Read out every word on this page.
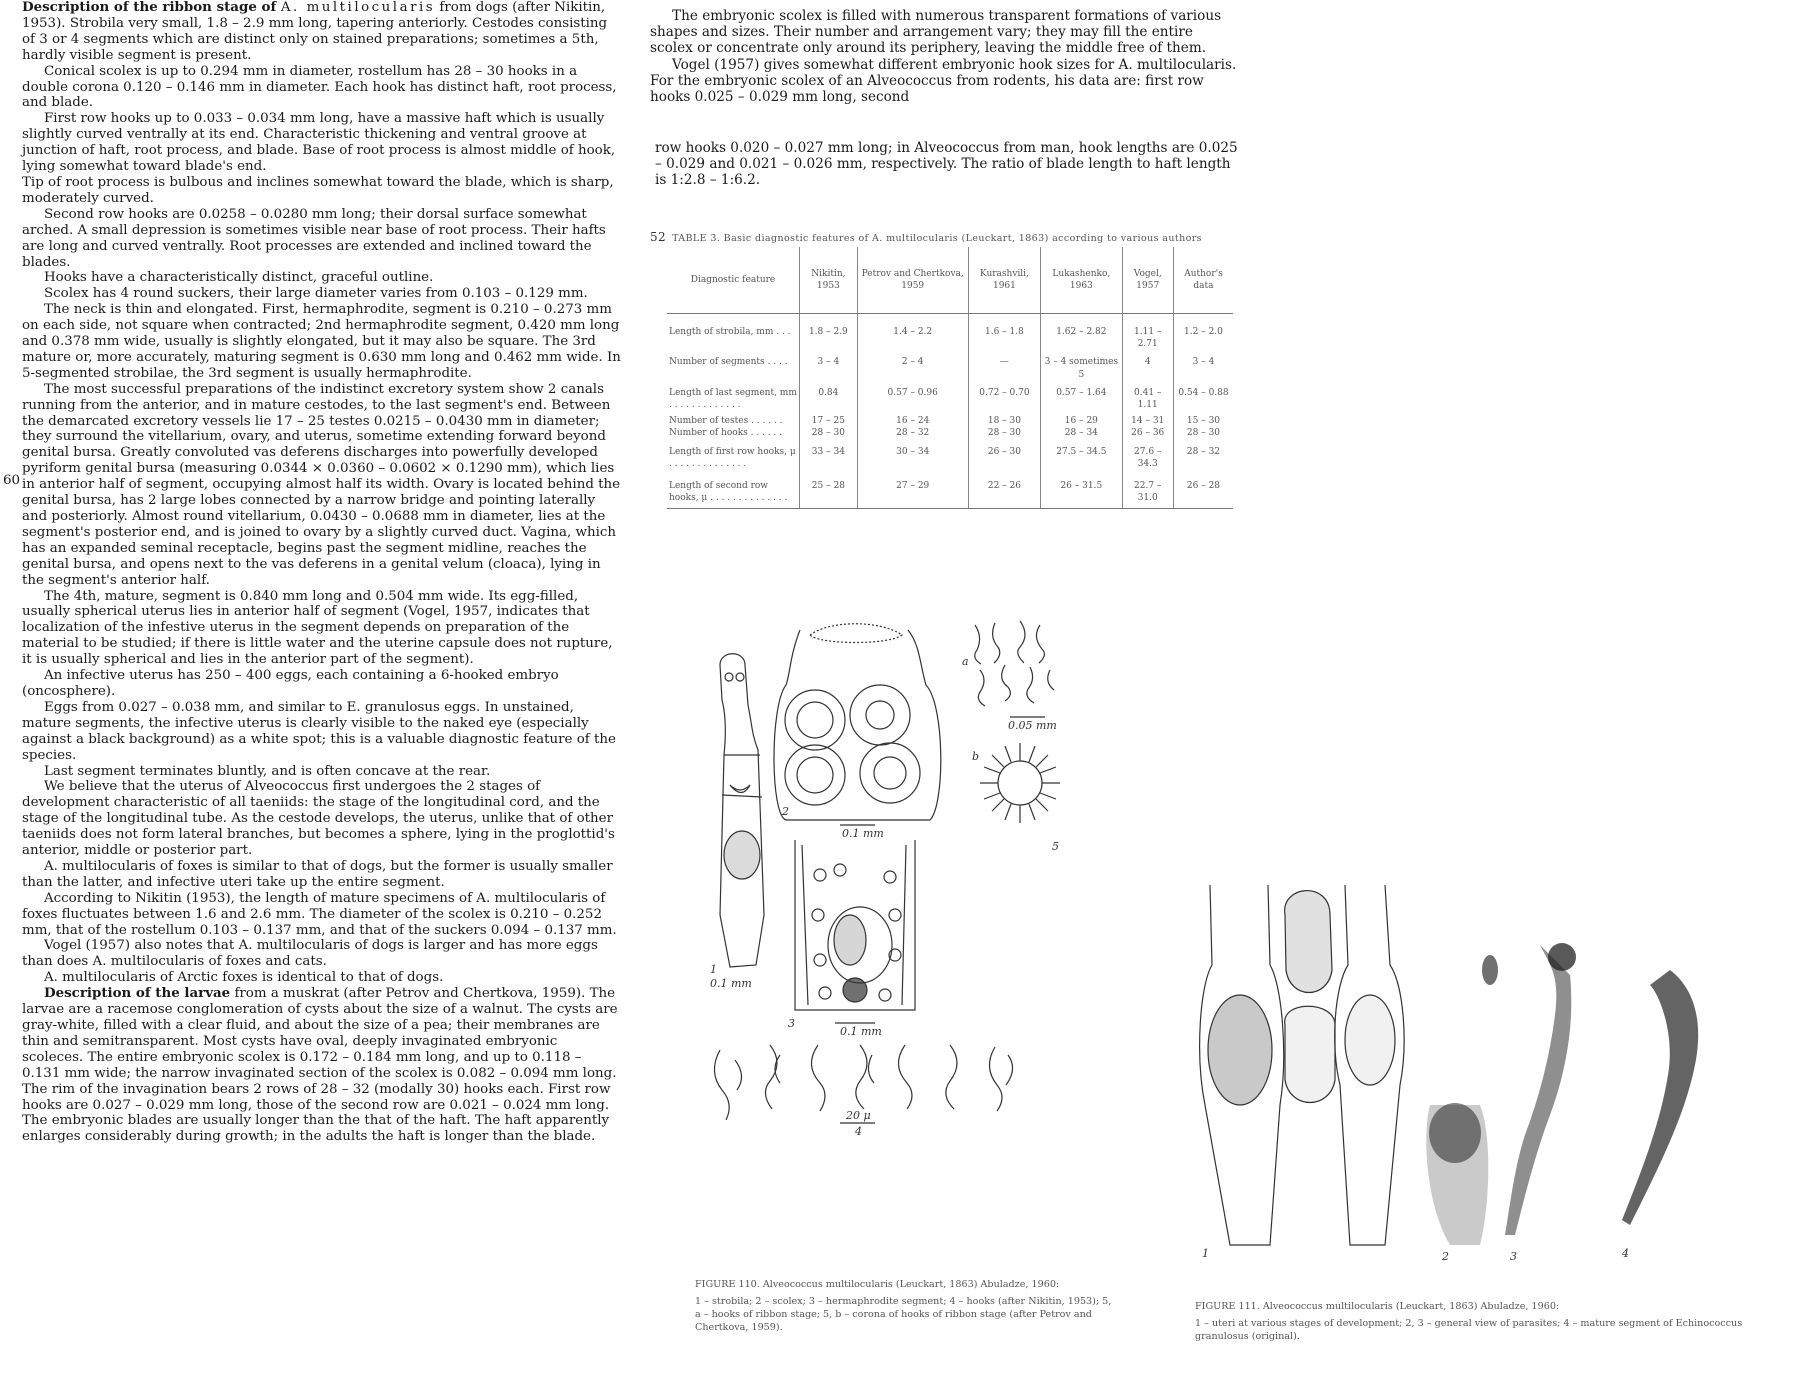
Description of the ribbon stage of A. multilocularis from dogs (after Nikitin, 1953). Strobila very small, 1.8 – 2.9 mm long, tapering anteriorly. Cestodes consisting of 3 or 4 segments which are distinct only on stained preparations; sometimes a 5th, hardly visible segment is present.

Conical scolex is up to 0.294 mm in diameter, rostellum has 28 – 30 hooks in a double corona 0.120 – 0.146 mm in diameter. Each hook has distinct haft, root process, and blade.

First row hooks up to 0.033 – 0.034 mm long, have a massive haft which is usually slightly curved ventrally at its end. Characteristic thickening and ventral groove at junction of haft, root process, and blade. Base of root process is almost middle of hook, lying somewhat toward blade's end.

Tip of root process is bulbous and inclines somewhat toward the blade, which is sharp, moderately curved.

Second row hooks are 0.0258 – 0.0280 mm long; their dorsal surface somewhat arched. A small depression is sometimes visible near base of root process. Their hafts are long and curved ventrally. Root processes are extended and inclined toward the blades.

Hooks have a characteristically distinct, graceful outline.

Scolex has 4 round suckers, their large diameter varies from 0.103 – 0.129 mm.

The neck is thin and elongated. First, hermaphrodite, segment is 0.210 – 0.273 mm on each side, not square when contracted; 2nd hermaphrodite segment, 0.420 mm long and 0.378 mm wide, usually is slightly elongated, but it may also be square. The 3rd mature or, more accurately, maturing segment is 0.630 mm long and 0.462 mm wide. In 5-segmented strobilae, the 3rd segment is usually hermaphrodite.

The most successful preparations of the indistinct excretory system show 2 canals running from the anterior, and in mature cestodes, to the last segment's end. Between the demarcated excretory vessels lie 17 – 25 testes 0.0215 – 0.0430 mm in diameter; they surround the vitellarium, ovary, and uterus, sometime extending forward beyond genital bursa. Greatly convoluted vas deferens discharges into powerfully developed pyriform genital bursa (measuring 0.0344 × 0.0360 – 0.0602 × 0.1290 mm), which lies in anterior half of segment, occupying almost half its width. Ovary is located behind the genital bursa, has 2 large lobes connected by a narrow bridge and pointing laterally and posteriorly. Almost round vitellarium, 0.0430 – 0.0688 mm in diameter, lies at the segment's posterior end, and is joined to ovary by a slightly curved duct. Vagina, which has an expanded seminal receptacle, begins past the segment midline, reaches the genital bursa, and opens next to the vas deferens in a genital velum (cloaca), lying in the segment's anterior half.

The 4th, mature, segment is 0.840 mm long and 0.504 mm wide. Its egg-filled, usually spherical uterus lies in anterior half of segment (Vogel, 1957, indicates that localization of the infestive uterus in the segment depends on preparation of the material to be studied; if there is little water and the uterine capsule does not rupture, it is usually spherical and lies in the anterior part of the segment).

An infective uterus has 250 – 400 eggs, each containing a 6-hooked embryo (oncosphere).

Eggs from 0.027 – 0.038 mm, and similar to E. granulosus eggs. In unstained, mature segments, the infective uterus is clearly visible to the naked eye (especially against a black background) as a white spot; this is a valuable diagnostic feature of the species.

Last segment terminates bluntly, and is often concave at the rear.

We believe that the uterus of Alveococcus first undergoes the 2 stages of development characteristic of all taeniids: the stage of the longitudinal cord, and the stage of the longitudinal tube. As the cestode develops, the uterus, unlike that of other taeniids does not form lateral branches, but becomes a sphere, lying in the proglottid's anterior, middle or posterior part.

A. multilocularis of foxes is similar to that of dogs, but the former is usually smaller than the latter, and infective uteri take up the entire segment.

According to Nikitin (1953), the length of mature specimens of A. multilocularis of foxes fluctuates between 1.6 and 2.6 mm. The diameter of the scolex is 0.210 – 0.252 mm, that of the rostellum 0.103 – 0.137 mm, and that of the suckers 0.094 – 0.137 mm.

Vogel (1957) also notes that A. multilocularis of dogs is larger and has more eggs than does A. multilocularis of foxes and cats.

A. multilocularis of Arctic foxes is identical to that of dogs.

Description of the larvae from a muskrat (after Petrov and Chertkova, 1959). The larvae are a racemose conglomeration of cysts about the size of a walnut. The cysts are gray-white, filled with a clear fluid, and about the size of a pea; their membranes are thin and semitransparent. Most cysts have oval, deeply invaginated embryonic scoleces. The entire embryonic scolex is 0.172 – 0.184 mm long, and up to 0.118 – 0.131 mm wide; the narrow invaginated section of the scolex is 0.082 – 0.094 mm long. The rim of the invagination bears 2 rows of 28 – 32 (modally 30) hooks each. First row hooks are 0.027 – 0.029 mm long, those of the second row are 0.021 – 0.024 mm long. The embryonic blades are usually longer than the that of the haft. The haft apparently enlarges considerably during growth; in the adults the haft is longer than the blade.

60

The embryonic scolex is filled with numerous transparent formations of various shapes and sizes. Their number and arrangement vary; they may fill the entire scolex or concentrate only around its periphery, leaving the middle free of them.

Vogel (1957) gives somewhat different embryonic hook sizes for A. multilocularis. For the embryonic scolex of an Alveococcus from rodents, his data are: first row hooks 0.025 – 0.029 mm long, second

row hooks 0.020 – 0.027 mm long; in Alveococcus from man, hook lengths are 0.025 – 0.029 and 0.021 – 0.026 mm, respectively. The ratio of blade length to haft length is 1:2.8 – 1:6.2.

52 TABLE 3. Basic diagnostic features of A. multilocularis (Leuckart, 1863) according to various authors
Diagnostic feature	Nikitin, 1953	Petrov and Chertkova, 1959	Kurashvili, 1961	Lukashenko, 1963	Vogel, 1957	Author's data
Length of strobila, mm . . .	1.8 – 2.9	1.4 – 2.2	1.6 – 1.8	1.62 – 2.82	1.11 – 2.71	1.2 – 2.0
Number of segments . . . .	3 – 4	2 – 4	—	3 – 4 sometimes 5	4	3 – 4
Length of last segment, mm . . . . . . . . . . . . .	0.84	0.57 – 0.96	0.72 – 0.70	0.57 – 1.64	0.41 – 1.11	0.54 – 0.88
Number of testes . . . . . .	17 – 25	16 – 24	18 – 30	16 – 29	14 – 31	15 – 30
Number of hooks . . . . . .	28 – 30	28 – 32	28 – 30	28 – 34	26 – 36	28 – 30
Length of first row hooks, μ . . . . . . . . . . . . . .	33 – 34	30 – 34	26 – 30	27.5 – 34.5	27.6 – 34.3	28 – 32
Length of second row hooks, μ . . . . . . . . . . . . . .	25 – 28	27 – 29	22 – 26	26 – 31.5	22.7 – 31.0	26 – 28
1
2
3
4
5
a
b
0.1 mm
0.1 mm
0.05 mm
0.1 mm
20 μ

FIGURE 110. Alveococcus multilocularis (Leuckart, 1863) Abuladze, 1960:

1 – strobila; 2 – scolex; 3 – hermaphrodite segment; 4 – hooks (after Nikitin, 1953); 5, a – hooks of ribbon stage; 5, b – corona of hooks of ribbon stage (after Petrov and Chertkova, 1959).

1	2	3	4

FIGURE 111. Alveococcus multilocularis (Leuckart, 1863) Abuladze, 1960:

1 – uteri at various stages of development; 2, 3 – general view of parasites; 4 – mature segment of Echinococcus granulosus (original).
